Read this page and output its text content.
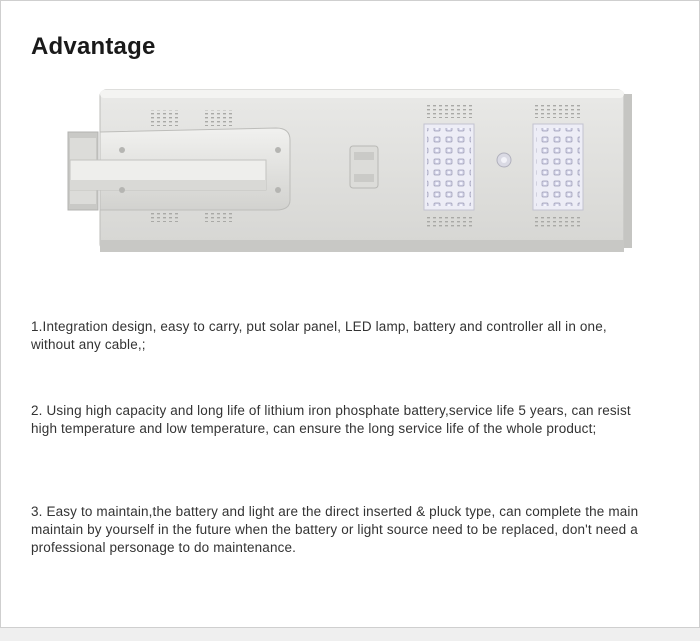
Advantage
1.Integration design, easy to carry, put solar panel, LED lamp, battery and controller all in one, without any cable,;
2. Using high capacity and long life of lithium iron phosphate battery,service life 5 years, can resist high temperature and low temperature, can ensure the long service life of the whole product;
3. Easy to maintain,the battery and light are the direct inserted & pluck type, can complete the main maintain by yourself in the future when the battery or light source need to be replaced, don't need a professional personage to do maintenance.
